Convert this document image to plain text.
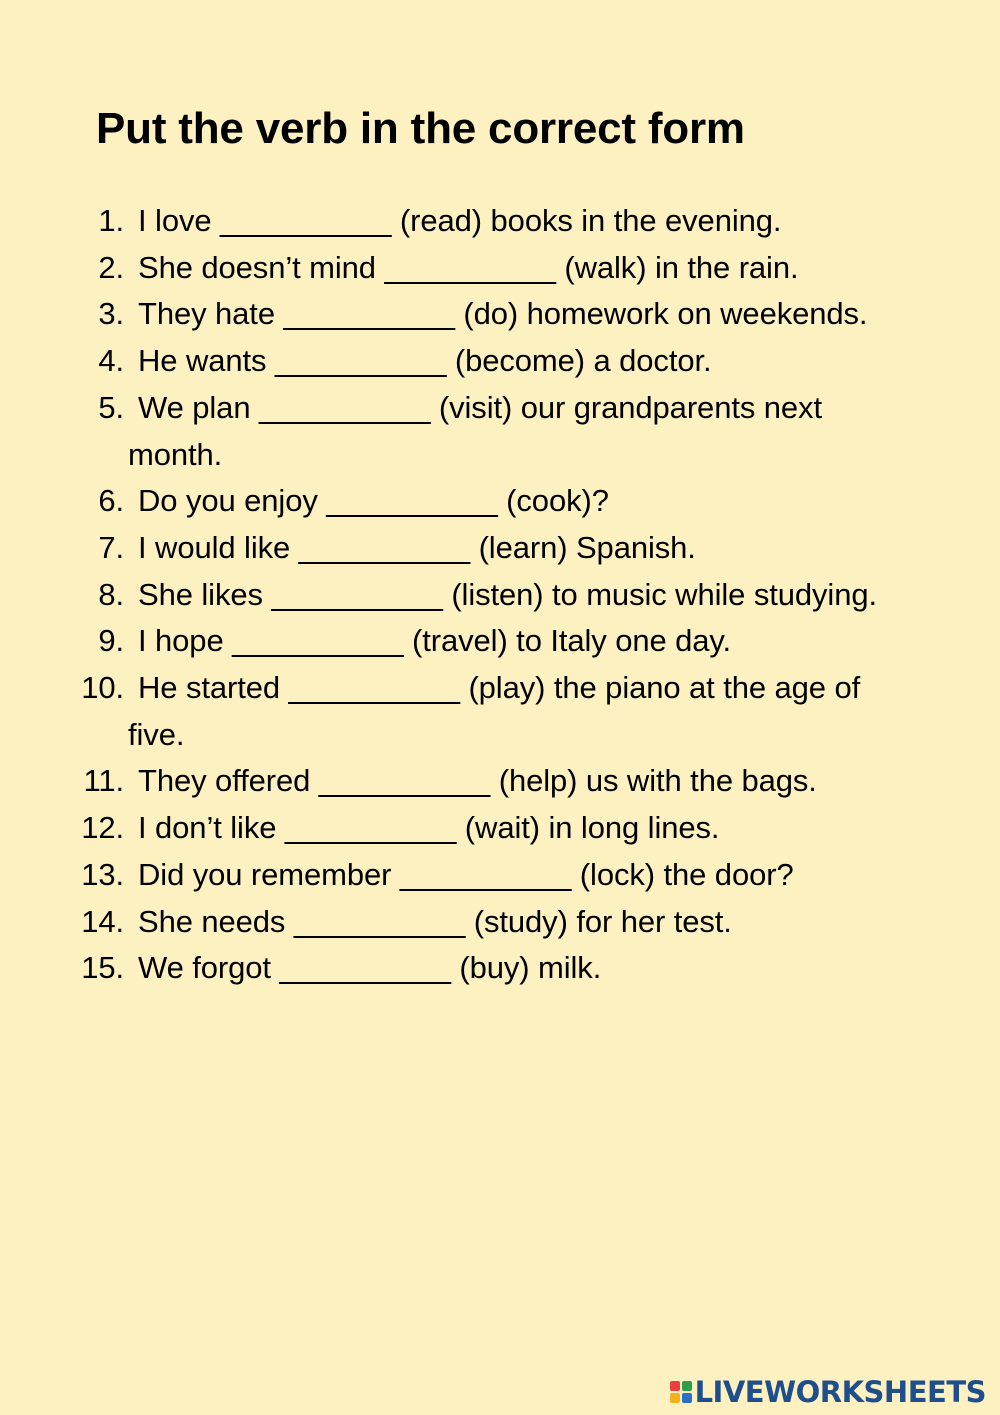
Put the verb in the correct form
1. I love __________ (read) books in the evening.
2. She doesn’t mind __________ (walk) in the rain.
3. They hate __________ (do) homework on weekends.
4. He wants __________ (become) a doctor.
5. We plan __________ (visit) our grandparents next month.
6. Do you enjoy __________ (cook)?
7. I would like __________ (learn) Spanish.
8. She likes __________ (listen) to music while studying.
9. I hope __________ (travel) to Italy one day.
10. He started __________ (play) the piano at the age of five.
11. They offered __________ (help) us with the bags.
12. I don’t like __________ (wait) in long lines.
13. Did you remember __________ (lock) the door?
14. She needs __________ (study) for her test.
15. We forgot __________ (buy) milk.
LIVEWORKSHEETS
